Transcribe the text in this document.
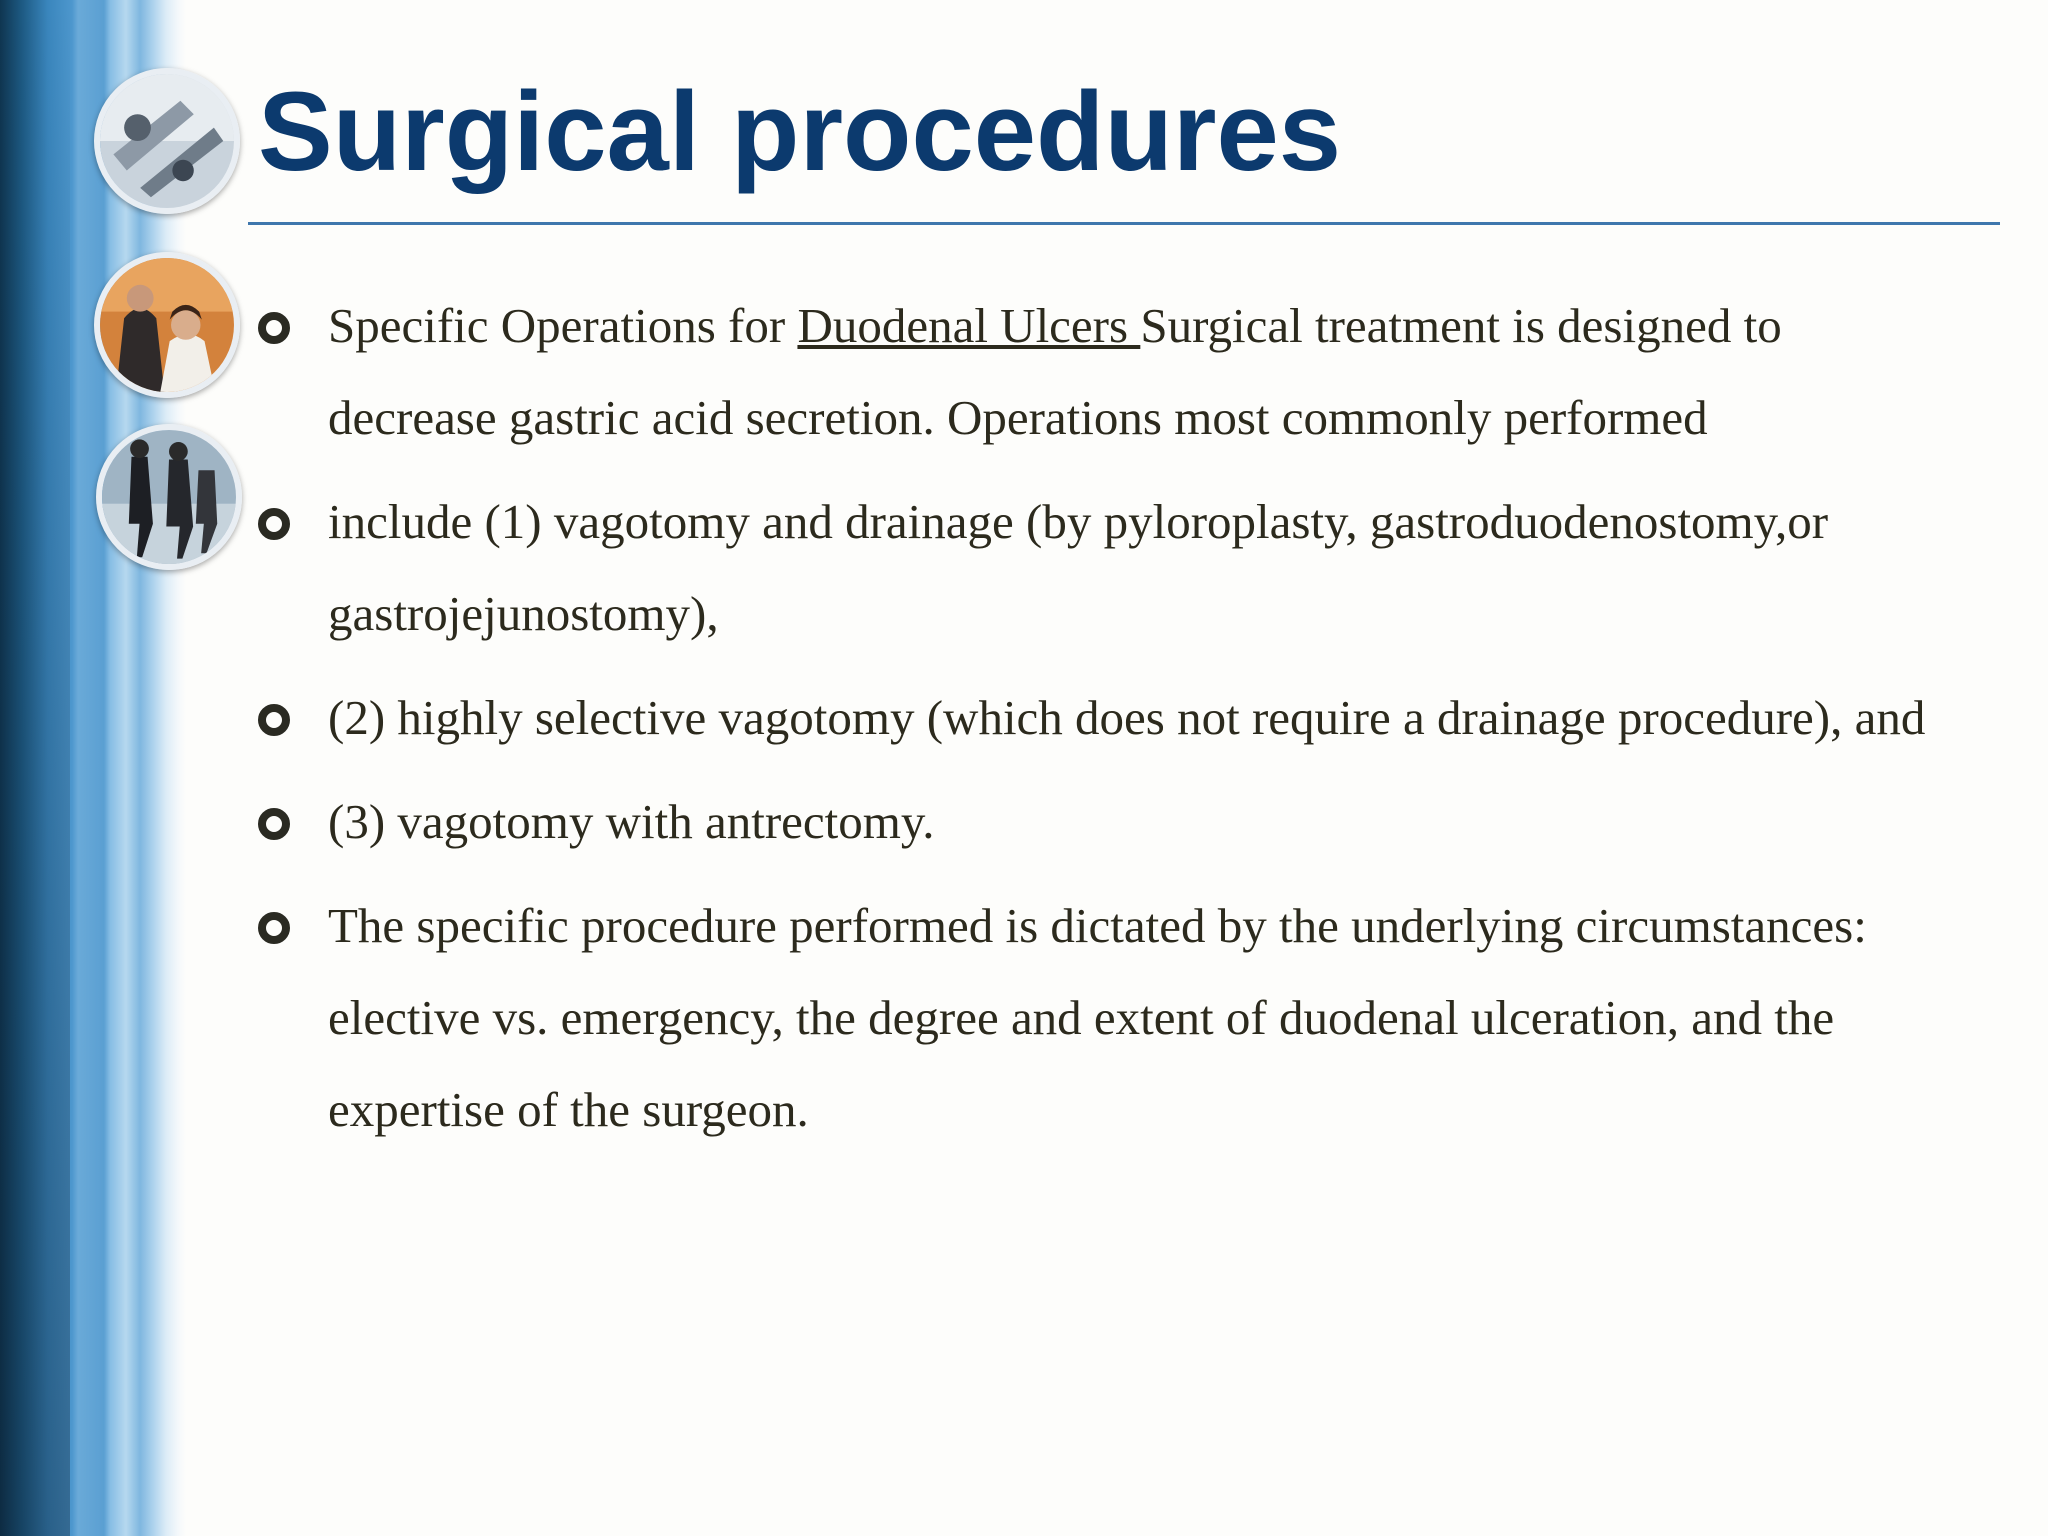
Surgical procedures
Specific Operations for Duodenal Ulcers Surgical treatment is designed to decrease gastric acid secretion. Operations most commonly performed
include (1) vagotomy and drainage (by pyloroplasty, gastroduodenostomy,or gastrojejunostomy),
(2) highly selective vagotomy (which does not require a drainage procedure), and
(3) vagotomy with antrectomy.
The specific procedure performed is dictated by the underlying circumstances: elective vs. emergency, the degree and extent of duodenal ulceration, and the expertise of the surgeon.
